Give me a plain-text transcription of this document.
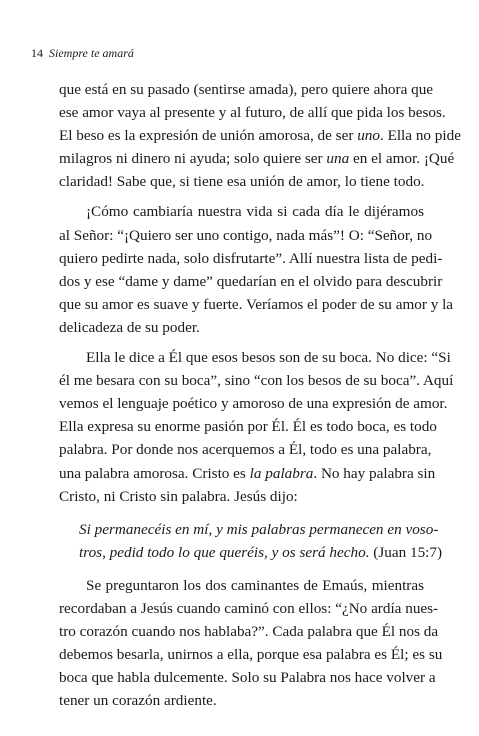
14 Siempre te amará

que está en su pasado (sentirse amada), pero quiere ahora que
ese amor vaya al presente y al futuro, de allí que pida los besos.
El beso es la expresión de unión amorosa, de ser uno. Ella no pide
milagros ni dinero ni ayuda; solo quiere ser una en el amor. ¡Qué
claridad! Sabe que, si tiene esa unión de amor, lo tiene todo.

¡Cómo cambiaría nuestra vida si cada día le dijéramos
al Señor: “¡Quiero ser uno contigo, nada más”! O: “Señor, no
quiero pedirte nada, solo disfrutarte”. Allí nuestra lista de pedi-
dos y ese “dame y dame” quedarían en el olvido para descubrir
que su amor es suave y fuerte. Veríamos el poder de su amor y la
delicadeza de su poder.

Ella le dice a Él que esos besos son de su boca. No dice: “Si
él me besara con su boca”, sino “con los besos de su boca”. Aquí
vemos el lenguaje poético y amoroso de una expresión de amor.
Ella expresa su enorme pasión por Él. Él es todo boca, es todo
palabra. Por donde nos acerquemos a Él, todo es una palabra,
una palabra amorosa. Cristo es la palabra. No hay palabra sin
Cristo, ni Cristo sin palabra. Jesús dijo:

Si permanecéis en mí, y mis palabras permanecen en voso-
tros, pedid todo lo que queréis, y os será hecho. (Juan 15:7)

Se preguntaron los dos caminantes de Emaús, mientras
recordaban a Jesús cuando caminó con ellos: “¿No ardía nues-
tro corazón cuando nos hablaba?”. Cada palabra que Él nos da
debemos besarla, unirnos a ella, porque esa palabra es Él; es su
boca que habla dulcemente. Solo su Palabra nos hace volver a
tener un corazón ardiente.
